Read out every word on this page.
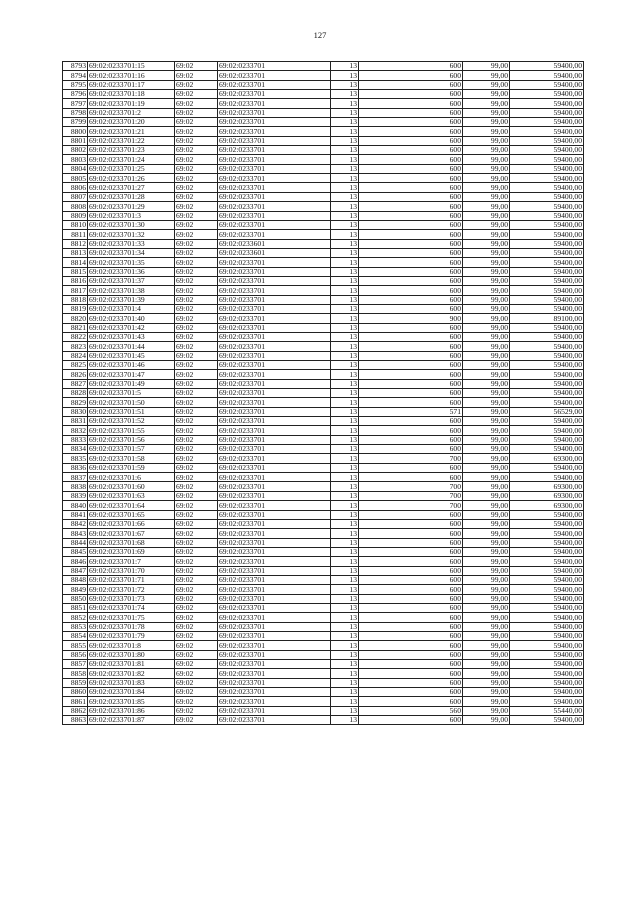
127
8793	69:02:0233701:15	69:02	69:02:0233701	13	600	99,00	59400,00
8794	69:02:0233701:16	69:02	69:02:0233701	13	600	99,00	59400,00
8795	69:02:0233701:17	69:02	69:02:0233701	13	600	99,00	59400,00
8796	69:02:0233701:18	69:02	69:02:0233701	13	600	99,00	59400,00
8797	69:02:0233701:19	69:02	69:02:0233701	13	600	99,00	59400,00
8798	69:02:0233701:2	69:02	69:02:0233701	13	600	99,00	59400,00
8799	69:02:0233701:20	69:02	69:02:0233701	13	600	99,00	59400,00
8800	69:02:0233701:21	69:02	69:02:0233701	13	600	99,00	59400,00
8801	69:02:0233701:22	69:02	69:02:0233701	13	600	99,00	59400,00
8802	69:02:0233701:23	69:02	69:02:0233701	13	600	99,00	59400,00
8803	69:02:0233701:24	69:02	69:02:0233701	13	600	99,00	59400,00
8804	69:02:0233701:25	69:02	69:02:0233701	13	600	99,00	59400,00
8805	69:02:0233701:26	69:02	69:02:0233701	13	600	99,00	59400,00
8806	69:02:0233701:27	69:02	69:02:0233701	13	600	99,00	59400,00
8807	69:02:0233701:28	69:02	69:02:0233701	13	600	99,00	59400,00
8808	69:02:0233701:29	69:02	69:02:0233701	13	600	99,00	59400,00
8809	69:02:0233701:3	69:02	69:02:0233701	13	600	99,00	59400,00
8810	69:02:0233701:30	69:02	69:02:0233701	13	600	99,00	59400,00
8811	69:02:0233701:32	69:02	69:02:0233701	13	600	99,00	59400,00
8812	69:02:0233701:33	69:02	69:02:0233601	13	600	99,00	59400,00
8813	69:02:0233701:34	69:02	69:02:0233601	13	600	99,00	59400,00
8814	69:02:0233701:35	69:02	69:02:0233701	13	600	99,00	59400,00
8815	69:02:0233701:36	69:02	69:02:0233701	13	600	99,00	59400,00
8816	69:02:0233701:37	69:02	69:02:0233701	13	600	99,00	59400,00
8817	69:02:0233701:38	69:02	69:02:0233701	13	600	99,00	59400,00
8818	69:02:0233701:39	69:02	69:02:0233701	13	600	99,00	59400,00
8819	69:02:0233701:4	69:02	69:02:0233701	13	600	99,00	59400,00
8820	69:02:0233701:40	69:02	69:02:0233701	13	900	99,00	89100,00
8821	69:02:0233701:42	69:02	69:02:0233701	13	600	99,00	59400,00
8822	69:02:0233701:43	69:02	69:02:0233701	13	600	99,00	59400,00
8823	69:02:0233701:44	69:02	69:02:0233701	13	600	99,00	59400,00
8824	69:02:0233701:45	69:02	69:02:0233701	13	600	99,00	59400,00
8825	69:02:0233701:46	69:02	69:02:0233701	13	600	99,00	59400,00
8826	69:02:0233701:47	69:02	69:02:0233701	13	600	99,00	59400,00
8827	69:02:0233701:49	69:02	69:02:0233701	13	600	99,00	59400,00
8828	69:02:0233701:5	69:02	69:02:0233701	13	600	99,00	59400,00
8829	69:02:0233701:50	69:02	69:02:0233701	13	600	99,00	59400,00
8830	69:02:0233701:51	69:02	69:02:0233701	13	571	99,00	56529,00
8831	69:02:0233701:52	69:02	69:02:0233701	13	600	99,00	59400,00
8832	69:02:0233701:55	69:02	69:02:0233701	13	600	99,00	59400,00
8833	69:02:0233701:56	69:02	69:02:0233701	13	600	99,00	59400,00
8834	69:02:0233701:57	69:02	69:02:0233701	13	600	99,00	59400,00
8835	69:02:0233701:58	69:02	69:02:0233701	13	700	99,00	69300,00
8836	69:02:0233701:59	69:02	69:02:0233701	13	600	99,00	59400,00
8837	69:02:0233701:6	69:02	69:02:0233701	13	600	99,00	59400,00
8838	69:02:0233701:60	69:02	69:02:0233701	13	700	99,00	69300,00
8839	69:02:0233701:63	69:02	69:02:0233701	13	700	99,00	69300,00
8840	69:02:0233701:64	69:02	69:02:0233701	13	700	99,00	69300,00
8841	69:02:0233701:65	69:02	69:02:0233701	13	600	99,00	59400,00
8842	69:02:0233701:66	69:02	69:02:0233701	13	600	99,00	59400,00
8843	69:02:0233701:67	69:02	69:02:0233701	13	600	99,00	59400,00
8844	69:02:0233701:68	69:02	69:02:0233701	13	600	99,00	59400,00
8845	69:02:0233701:69	69:02	69:02:0233701	13	600	99,00	59400,00
8846	69:02:0233701:7	69:02	69:02:0233701	13	600	99,00	59400,00
8847	69:02:0233701:70	69:02	69:02:0233701	13	600	99,00	59400,00
8848	69:02:0233701:71	69:02	69:02:0233701	13	600	99,00	59400,00
8849	69:02:0233701:72	69:02	69:02:0233701	13	600	99,00	59400,00
8850	69:02:0233701:73	69:02	69:02:0233701	13	600	99,00	59400,00
8851	69:02:0233701:74	69:02	69:02:0233701	13	600	99,00	59400,00
8852	69:02:0233701:75	69:02	69:02:0233701	13	600	99,00	59400,00
8853	69:02:0233701:78	69:02	69:02:0233701	13	600	99,00	59400,00
8854	69:02:0233701:79	69:02	69:02:0233701	13	600	99,00	59400,00
8855	69:02:0233701:8	69:02	69:02:0233701	13	600	99,00	59400,00
8856	69:02:0233701:80	69:02	69:02:0233701	13	600	99,00	59400,00
8857	69:02:0233701:81	69:02	69:02:0233701	13	600	99,00	59400,00
8858	69:02:0233701:82	69:02	69:02:0233701	13	600	99,00	59400,00
8859	69:02:0233701:83	69:02	69:02:0233701	13	600	99,00	59400,00
8860	69:02:0233701:84	69:02	69:02:0233701	13	600	99,00	59400,00
8861	69:02:0233701:85	69:02	69:02:0233701	13	600	99,00	59400,00
8862	69:02:0233701:86	69:02	69:02:0233701	13	560	99,00	55440,00
8863	69:02:0233701:87	69:02	69:02:0233701	13	600	99,00	59400,00
